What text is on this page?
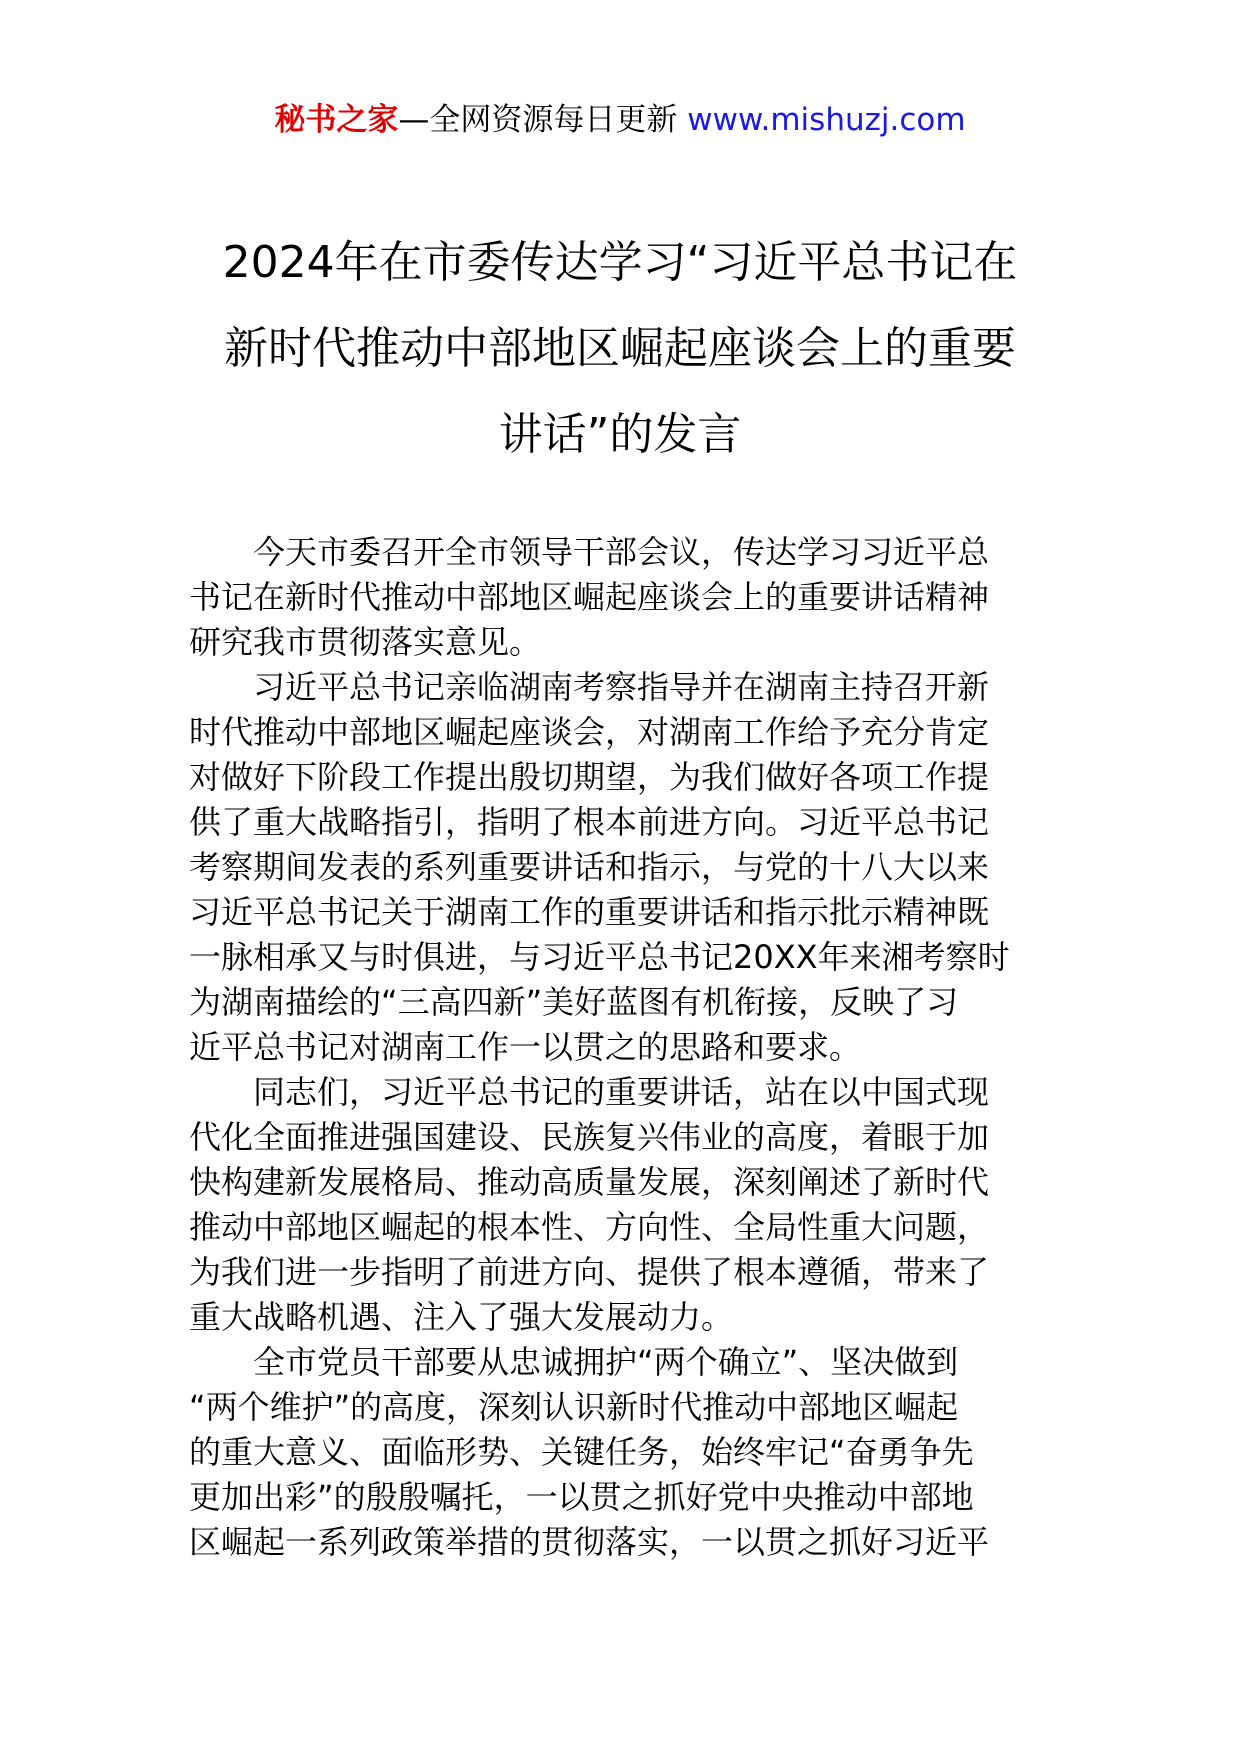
秘书之家—全网资源每日更新 www.mishuzj.com
2024年在市委传达学习“习近平总书记在
新时代推动中部地区崛起座谈会上的重要
讲话”的发言
今天市委召开全市领导干部会议，传达学习习近平总
书记在新时代推动中部地区崛起座谈会上的重要讲话精神
研究我市贯彻落实意见。
习近平总书记亲临湖南考察指导并在湖南主持召开新
时代推动中部地区崛起座谈会，对湖南工作给予充分肯定
对做好下阶段工作提出殷切期望，为我们做好各项工作提
供了重大战略指引，指明了根本前进方向。习近平总书记
考察期间发表的系列重要讲话和指示，与党的十八大以来
习近平总书记关于湖南工作的重要讲话和指示批示精神既
一脉相承又与时俱进，与习近平总书记20XX年来湘考察时
为湖南描绘的“三高四新”美好蓝图有机衔接，反映了习
近平总书记对湖南工作一以贯之的思路和要求。
同志们，习近平总书记的重要讲话，站在以中国式现
代化全面推进强国建设、民族复兴伟业的高度，着眼于加
快构建新发展格局、推动高质量发展，深刻阐述了新时代
推动中部地区崛起的根本性、方向性、全局性重大问题，
为我们进一步指明了前进方向、提供了根本遵循，带来了
重大战略机遇、注入了强大发展动力。
全市党员干部要从忠诚拥护“两个确立”、坚决做到
“两个维护”的高度，深刻认识新时代推动中部地区崛起
的重大意义、面临形势、关键任务，始终牢记“奋勇争先
更加出彩”的殷殷嘱托，一以贯之抓好党中央推动中部地
区崛起一系列政策举措的贯彻落实，一以贯之抓好习近平
